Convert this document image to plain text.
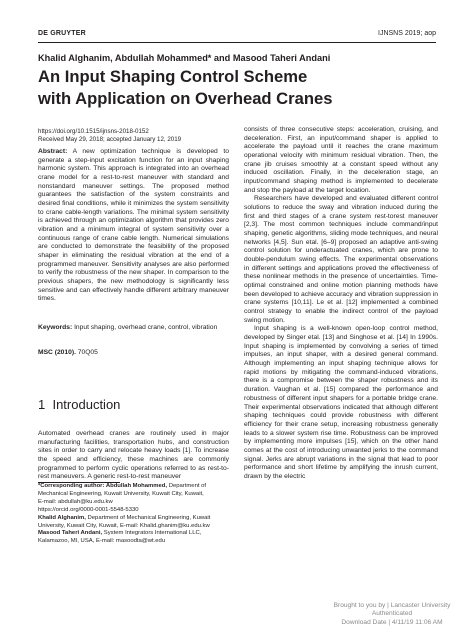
DE GRUYTER	IJNSNS 2019; aop
Khalid Alghanim, Abdullah Mohammed* and Masood Taheri Andani
An Input Shaping Control Scheme
with Application on Overhead Cranes
https://doi.org/10.1515/ijnsns-2018-0152
Received May 29, 2018; accepted January 12, 2019

Abstract: A new optimization technique is developed to generate a step-input excitation function for an input shaping harmonic system. This approach is integrated into an overhead crane model for a rest-to-rest maneuver with standard and nonstandard maneuver settings. The proposed method guarantees the satisfaction of the system constraints and desired final conditions, while it minimizes the system sensitivity to crane cable-length variations. The minimal system sensitivity is achieved through an optimization algorithm that provides zero vibration and a minimum integral of system sensitivity over a continuous range of crane cable length. Numerical simulations are conducted to demonstrate the feasibility of the proposed shaper in eliminating the residual vibration at the end of a programmed maneuver. Sensitivity analyses are also performed to verify the robustness of the new shaper. In comparison to the previous shapers, the new methodology is significantly less sensitive and can effectively handle different arbitrary maneuver times.

Keywords: Input shaping, overhead crane, control, vibration

MSC (2010). 70Q05
1 Introduction

Automated overhead cranes are routinely used in major manufacturing facilities, transportation hubs, and construction sites in order to carry and relocate heavy loads [1]. To increase the speed and efficiency, these machines are commonly programmed to perform cyclic operations referred to as rest-to-rest maneuvers. A generic rest-to-rest maneuver

*Corresponding author: Abdullah Mohammed, Department of

Mechanical Engineering, Kuwait University, Kuwait City, Kuwait,

E-mail: abdullah@ku.edu.kw

https://orcid.org/0000-0001-5548-5330

Khalid Alghanim, Department of Mechanical Engineering, Kuwait

University, Kuwait City, Kuwait, E-mail: Khalid.ghanim@ku.edu.kw

Masood Taheri Andani, System Integrators International LLC,

Kalamazoo, MI, USA, E-mail: masoodta@wt.edu

consists of three consecutive steps: acceleration, cruising, and deceleration. First, an input/command shaper is applied to accelerate the payload until it reaches the crane maximum operational velocity with minimum residual vibration. Then, the crane jib cruises smoothly at a constant speed without any induced oscillation. Finally, in the deceleration stage, an input/command shaping method is implemented to decelerate and stop the payload at the target location.

Researchers have developed and evaluated different control solutions to reduce the sway and vibration induced during the first and third stages of a crane system rest-torest maneuver [2,3]. The most common techniques include command/input shaping, genetic algorithms, sliding mode techniques, and neural networks [4,5]. Sun etal. [6–9] proposed an adaptive anti-swing control solution for underactuated cranes, which are prone to double-pendulum swing effects. The experimental observations in different settings and applications proved the effectiveness of these nonlinear methods in the presence of uncertainties. Time-optimal constrained and online motion planning methods have been developed to achieve accuracy and vibration suppression in crane systems [10,11]. Le et al. [12] implemented a combined control strategy to enable the indirect control of the payload swing motion.

Input shaping is a well-known open-loop control method, developed by Singer etal. [13] and Singhose et al. [14] In 1990s. Input shaping is implemented by convolving a series of timed impulses, an input shaper, with a desired general command. Although implementing an input shaping technique allows for rapid motions by mitigating the command-induced vibrations, there is a compromise between the shaper robustness and its duration. Vaughan et al. [15] compared the performance and robustness of different input shapers for a portable bridge crane. Their experimental observations indicated that although different shaping techniques could provide robustness with different efficiency for their crane setup, increasing robustness generally leads to a slower system rise time. Robustness can be improved by implementing more impulses [15], which on the other hand comes at the cost of introducing unwanted jerks to the command signal. Jerks are abrupt variations in the signal that lead to poor performance and short lifetime by amplifying the inrush current, drawn by the electric

Brought to you by | Lancaster University
Authenticated
Download Date | 4/11/19 11:06 AM
